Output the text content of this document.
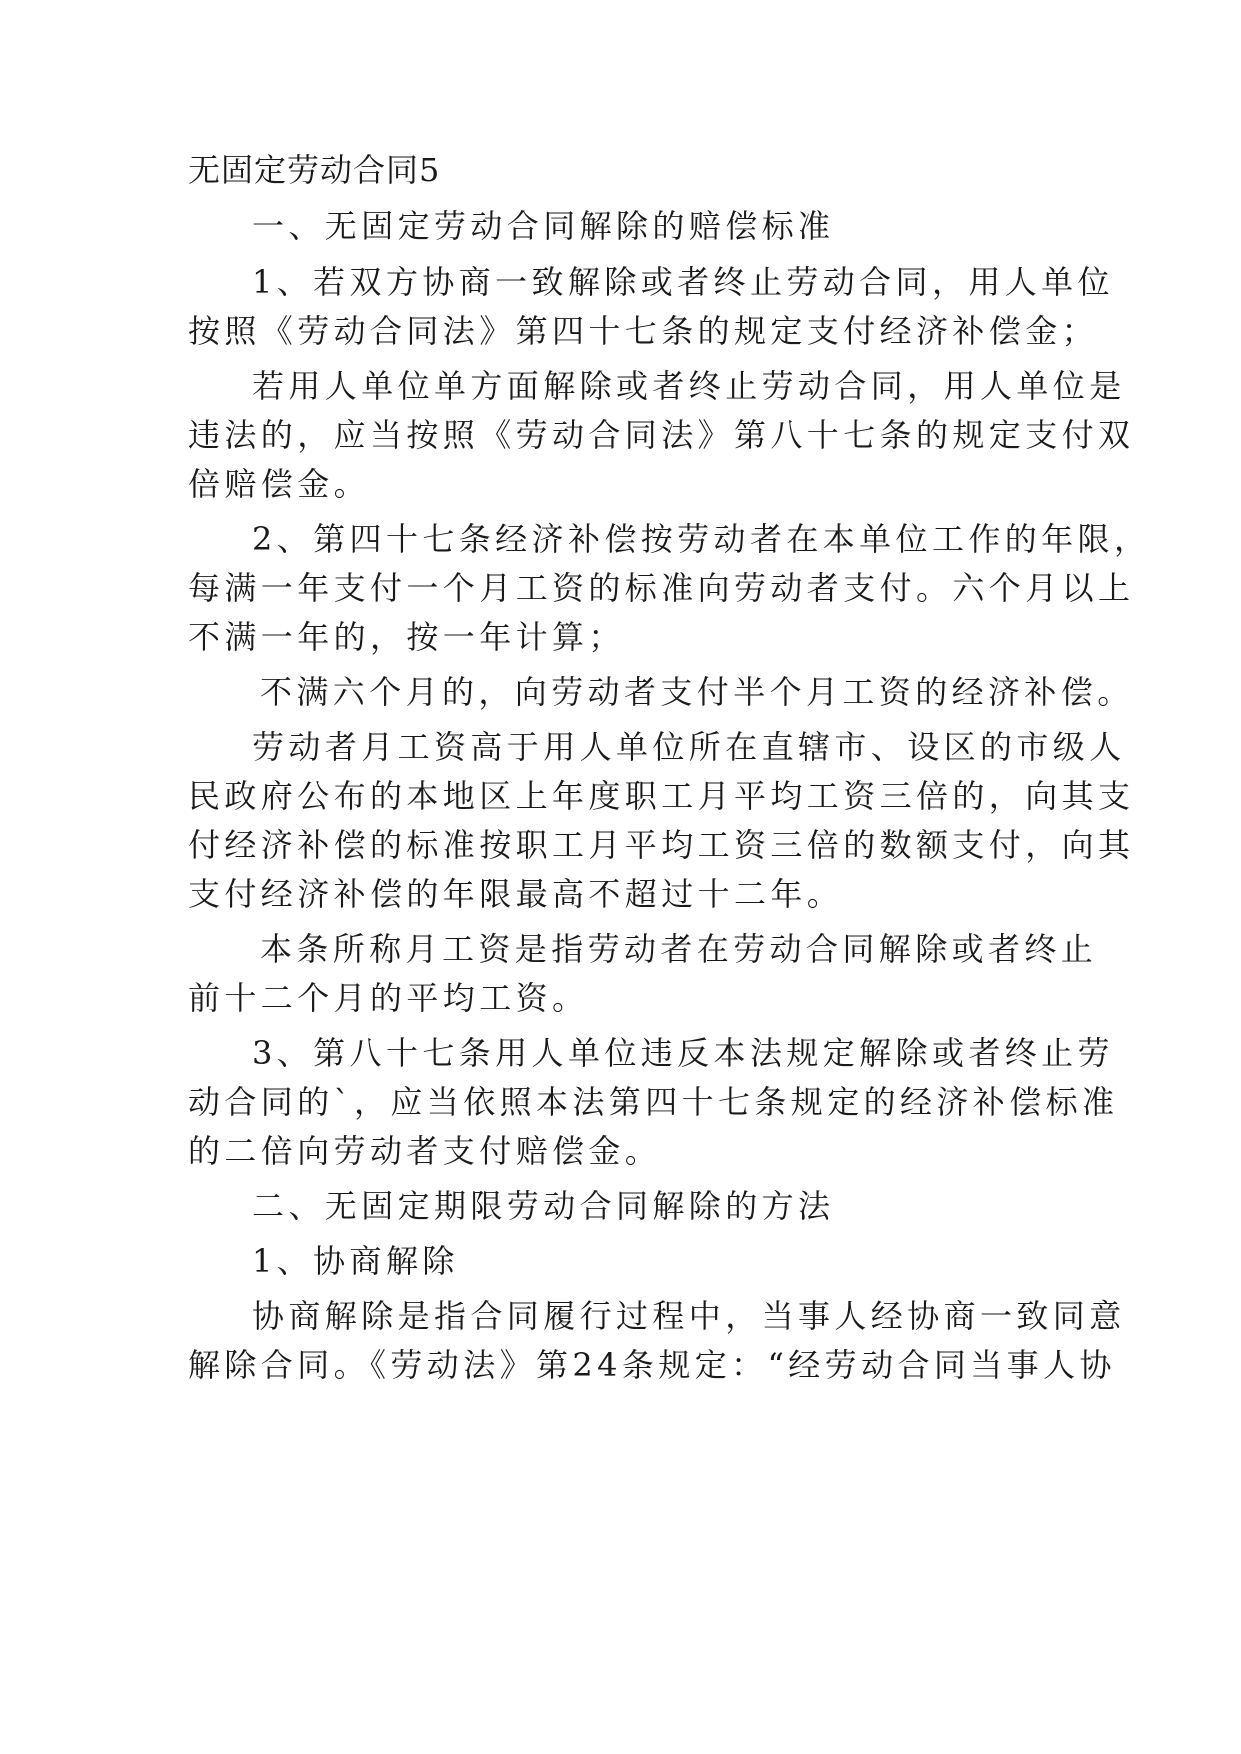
无固定劳动合同5

一、无固定劳动合同解除的赔偿标准

1、若双方协商一致解除或者终止劳动合同，用人单位

按照《劳动合同法》第四十七条的规定支付经济补偿金；

若用人单位单方面解除或者终止劳动合同，用人单位是

违法的，应当按照《劳动合同法》第八十七条的规定支付双

倍赔偿金。

2、第四十七条经济补偿按劳动者在本单位工作的年限，

每满一年支付一个月工资的标准向劳动者支付。六个月以上

不满一年的，按一年计算；

不满六个月的，向劳动者支付半个月工资的经济补偿。

劳动者月工资高于用人单位所在直辖市、设区的市级人

民政府公布的本地区上年度职工月平均工资三倍的，向其支

付经济补偿的标准按职工月平均工资三倍的数额支付，向其

支付经济补偿的年限最高不超过十二年。

本条所称月工资是指劳动者在劳动合同解除或者终止

前十二个月的平均工资。

3、第八十七条用人单位违反本法规定解除或者终止劳

动合同的`，应当依照本法第四十七条规定的经济补偿标准

的二倍向劳动者支付赔偿金。

二、无固定期限劳动合同解除的方法

1、协商解除

协商解除是指合同履行过程中，当事人经协商一致同意

解除合同。《劳动法》第24条规定：“经劳动合同当事人协
